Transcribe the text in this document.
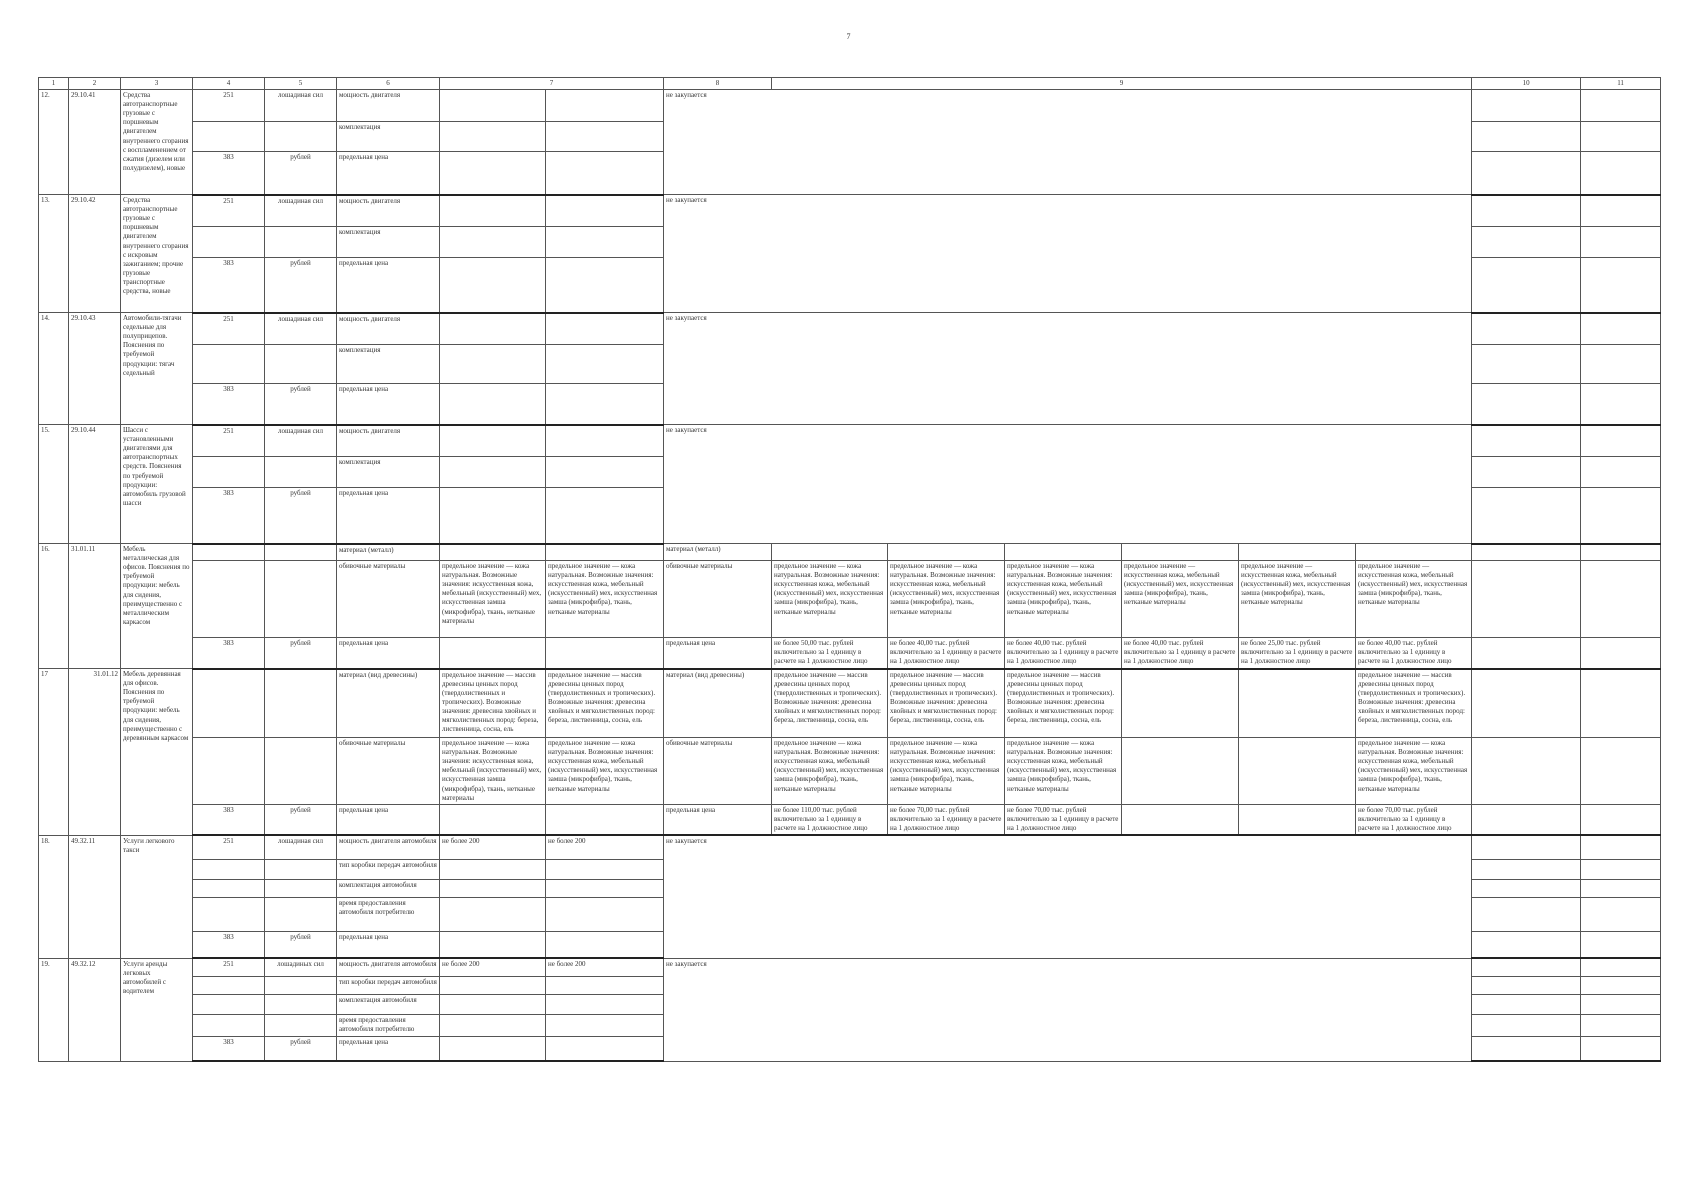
7
1	2	3	4	5	6	7		8	9						10	11
12.	29.10.41	Средства автотранспортные грузовые с поршневым двигателем внутреннего сгорания с воспламенением от сжатия (дизелем или полудизелем), новые	251	лошадиная сил	мощность двигателя			не закупается								
					комплектация											
			383	рублей	предельная цена											
13.	29.10.42	Средства автотранспортные грузовые с поршневым двигателем внутреннего сгорания с искровым зажиганием; прочие грузовые транспортные средства, новые	251	лошадиная сил	мощность двигателя			не закупается								
					комплектация											
			383	рублей	предельная цена											
14.	29.10.43	Автомобили-тягачи седельные для полуприцепов. Пояснения по требуемой продукции: тягач седельный	251	лошадиная сил	мощность двигателя			не закупается								
					комплектация											
			383	рублей	предельная цена											
15.	29.10.44	Шасси с установленными двигателями для автотранспортных средств. Пояснения по требуемой продукции: автомобиль грузовой шасси	251	лошадиная сил	мощность двигателя			не закупается								
					комплектация											
			383	рублей	предельная цена											
16.	31.01.11	Мебель металлическая для офисов. Пояснения по требуемой продукции: мебель для сидения, преимущественно с металлическим каркасом			материал (металл)			материал (металл)								
					обивочные материалы	предельное значение — кожа натуральная. Возможные значения: искусственная кожа, мебельный (искусственный) мех, искусственная замша (микрофибра), ткань, нетканые материалы	предельное значение — кожа натуральная. Возможные значения: искусственная кожа, мебельный (искусственный) мех, искусственная замша (микрофибра), ткань, нетканые материалы	обивочные материалы	предельное значение — кожа натуральная. Возможные значения: искусственная кожа, мебельный (искусственный) мех, искусственная замша (микрофибра), ткань, нетканые материалы	предельное значение — кожа натуральная. Возможные значения: искусственная кожа, мебельный (искусственный) мех, искусственная замша (микрофибра), ткань, нетканые материалы	предельное значение — кожа натуральная. Возможные значения: искусственная кожа, мебельный (искусственный) мех, искусственная замша (микрофибра), ткань, нетканые материалы	предельное значение — искусственная кожа, мебельный (искусственный) мех, искусственная замша (микрофибра), ткань, нетканые материалы	предельное значение — искусственная кожа, мебельный (искусственный) мех, искусственная замша (микрофибра), ткань, нетканые материалы	предельное значение — искусственная кожа, мебельный (искусственный) мех, искусственная замша (микрофибра), ткань, нетканые материалы		
			383	рублей	предельная цена			предельная цена	не более 50,00 тыс. рублей включительно за 1 единицу в расчете на 1 должностное лицо	не более 40,00 тыс. рублей включительно за 1 единицу в расчете на 1 должностное лицо	не более 40,00 тыс. рублей включительно за 1 единицу в расчете на 1 должностное лицо	не более 40,00 тыс. рублей включительно за 1 единицу в расчете на 1 должностное лицо	не более 25,00 тыс. рублей включительно за 1 единицу в расчете на 1 должностное лицо	не более 40,00 тыс. рублей включительно за 1 единицу в расчете на 1 должностное лицо		
17	31.01.12	Мебель деревянная для офисов. Пояснения по требуемой продукции: мебель для сидения, преимущественно с деревянным каркасом			материал (вид древесины)	предельное значение — массив древесины ценных пород (твердолиственных и тропических). Возможные значения: древесина хвойных и мягколиственных пород: береза, лиственница, сосна, ель	предельное значение — массив древесины ценных пород (твердолиственных и тропических). Возможные значения: древесина хвойных и мягколиственных пород: береза, лиственница, сосна, ель	материал (вид древесины)	предельное значение — массив древесины ценных пород (твердолиственных и тропических). Возможные значения: древесина хвойных и мягколиственных пород: береза, лиственница, сосна, ель	предельное значение — массив древесины ценных пород (твердолиственных и тропических). Возможные значения: древесина хвойных и мягколиственных пород: береза, лиственница, сосна, ель	предельное значение — массив древесины ценных пород (твердолиственных и тропических). Возможные значения: древесина хвойных и мягколиственных пород: береза, лиственница, сосна, ель			предельное значение — массив древесины ценных пород (твердолиственных и тропических). Возможные значения: древесина хвойных и мягколиственных пород: береза, лиственница, сосна, ель		
					обивочные материалы	предельное значение — кожа натуральная. Возможные значения: искусственная кожа, мебельный (искусственный) мех, искусственная замша (микрофибра), ткань, нетканые материалы	предельное значение — кожа натуральная. Возможные значения: искусственная кожа, мебельный (искусственный) мех, искусственная замша (микрофибра), ткань, нетканые материалы	обивочные материалы	предельное значение — кожа натуральная. Возможные значения: искусственная кожа, мебельный (искусственный) мех, искусственная замша (микрофибра), ткань, нетканые материалы	предельное значение — кожа натуральная. Возможные значения: искусственная кожа, мебельный (искусственный) мех, искусственная замша (микрофибра), ткань, нетканые материалы	предельное значение — кожа натуральная. Возможные значения: искусственная кожа, мебельный (искусственный) мех, искусственная замша (микрофибра), ткань, нетканые материалы			предельное значение — кожа натуральная. Возможные значения: искусственная кожа, мебельный (искусственный) мех, искусственная замша (микрофибра), ткань, нетканые материалы		
			383	рублей	предельная цена			предельная цена	не более 110,00 тыс. рублей включительно за 1 единицу в расчете на 1 должностное лицо	не более 70,00 тыс. рублей включительно за 1 единицу в расчете на 1 должностное лицо	не более 70,00 тыс. рублей включительно за 1 единицу в расчете на 1 должностное лицо			не более 70,00 тыс. рублей включительно за 1 единицу в расчете на 1 должностное лицо		
18.	49.32.11	Услуги легкового такси	251	лошадиная сил	мощность двигателя автомобиля	не более 200	не более 200	не закупается								
					тип коробки передач автомобиля											
					комплектация автомобиля											
					время предоставления автомобиля потребителю											
			383	рублей	предельная цена											
19.	49.32.12	Услуги аренды легковых автомобилей с водителем	251	лошадиных сил	мощность двигателя автомобиля	не более 200	не более 200	не закупается								
					тип коробки передач автомобиля											
					комплектация автомобиля											
					время предоставления автомобиля потребителю											
			383	рублей	предельная цена											
